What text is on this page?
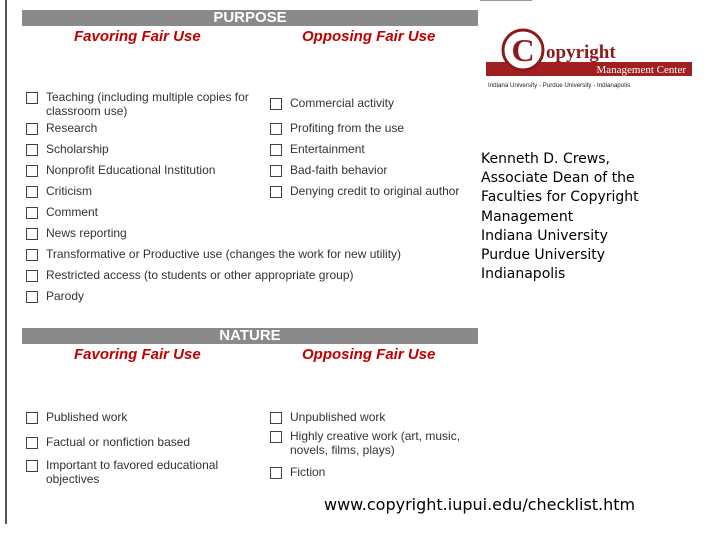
PURPOSE
Favoring Fair Use	Opposing Fair Use
Teaching (including multiple copies for classroom use)
Research
Scholarship
Nonprofit Educational Institution
Criticism
Comment
News reporting
Transformative or Productive use (changes the work for new utility)
Restricted access (to students or other appropriate group)
Parody
Commercial activity
Profiting from the use
Entertainment
Bad-faith behavior
Denying credit to original author
NATURE
Favoring Fair Use	Opposing Fair Use
Published work
Factual or nonfiction based
Important to favored educational objectives
Unpublished work
Highly creative work (art, music, novels, films, plays)
Fiction
C opyright
Management Center
Indiana University - Purdue University - Indianapolis
Kenneth D. Crews,
Associate Dean of the
Faculties for Copyright
Management
Indiana University
Purdue University
Indianapolis
www.copyright.iupui.edu/checklist.htm
